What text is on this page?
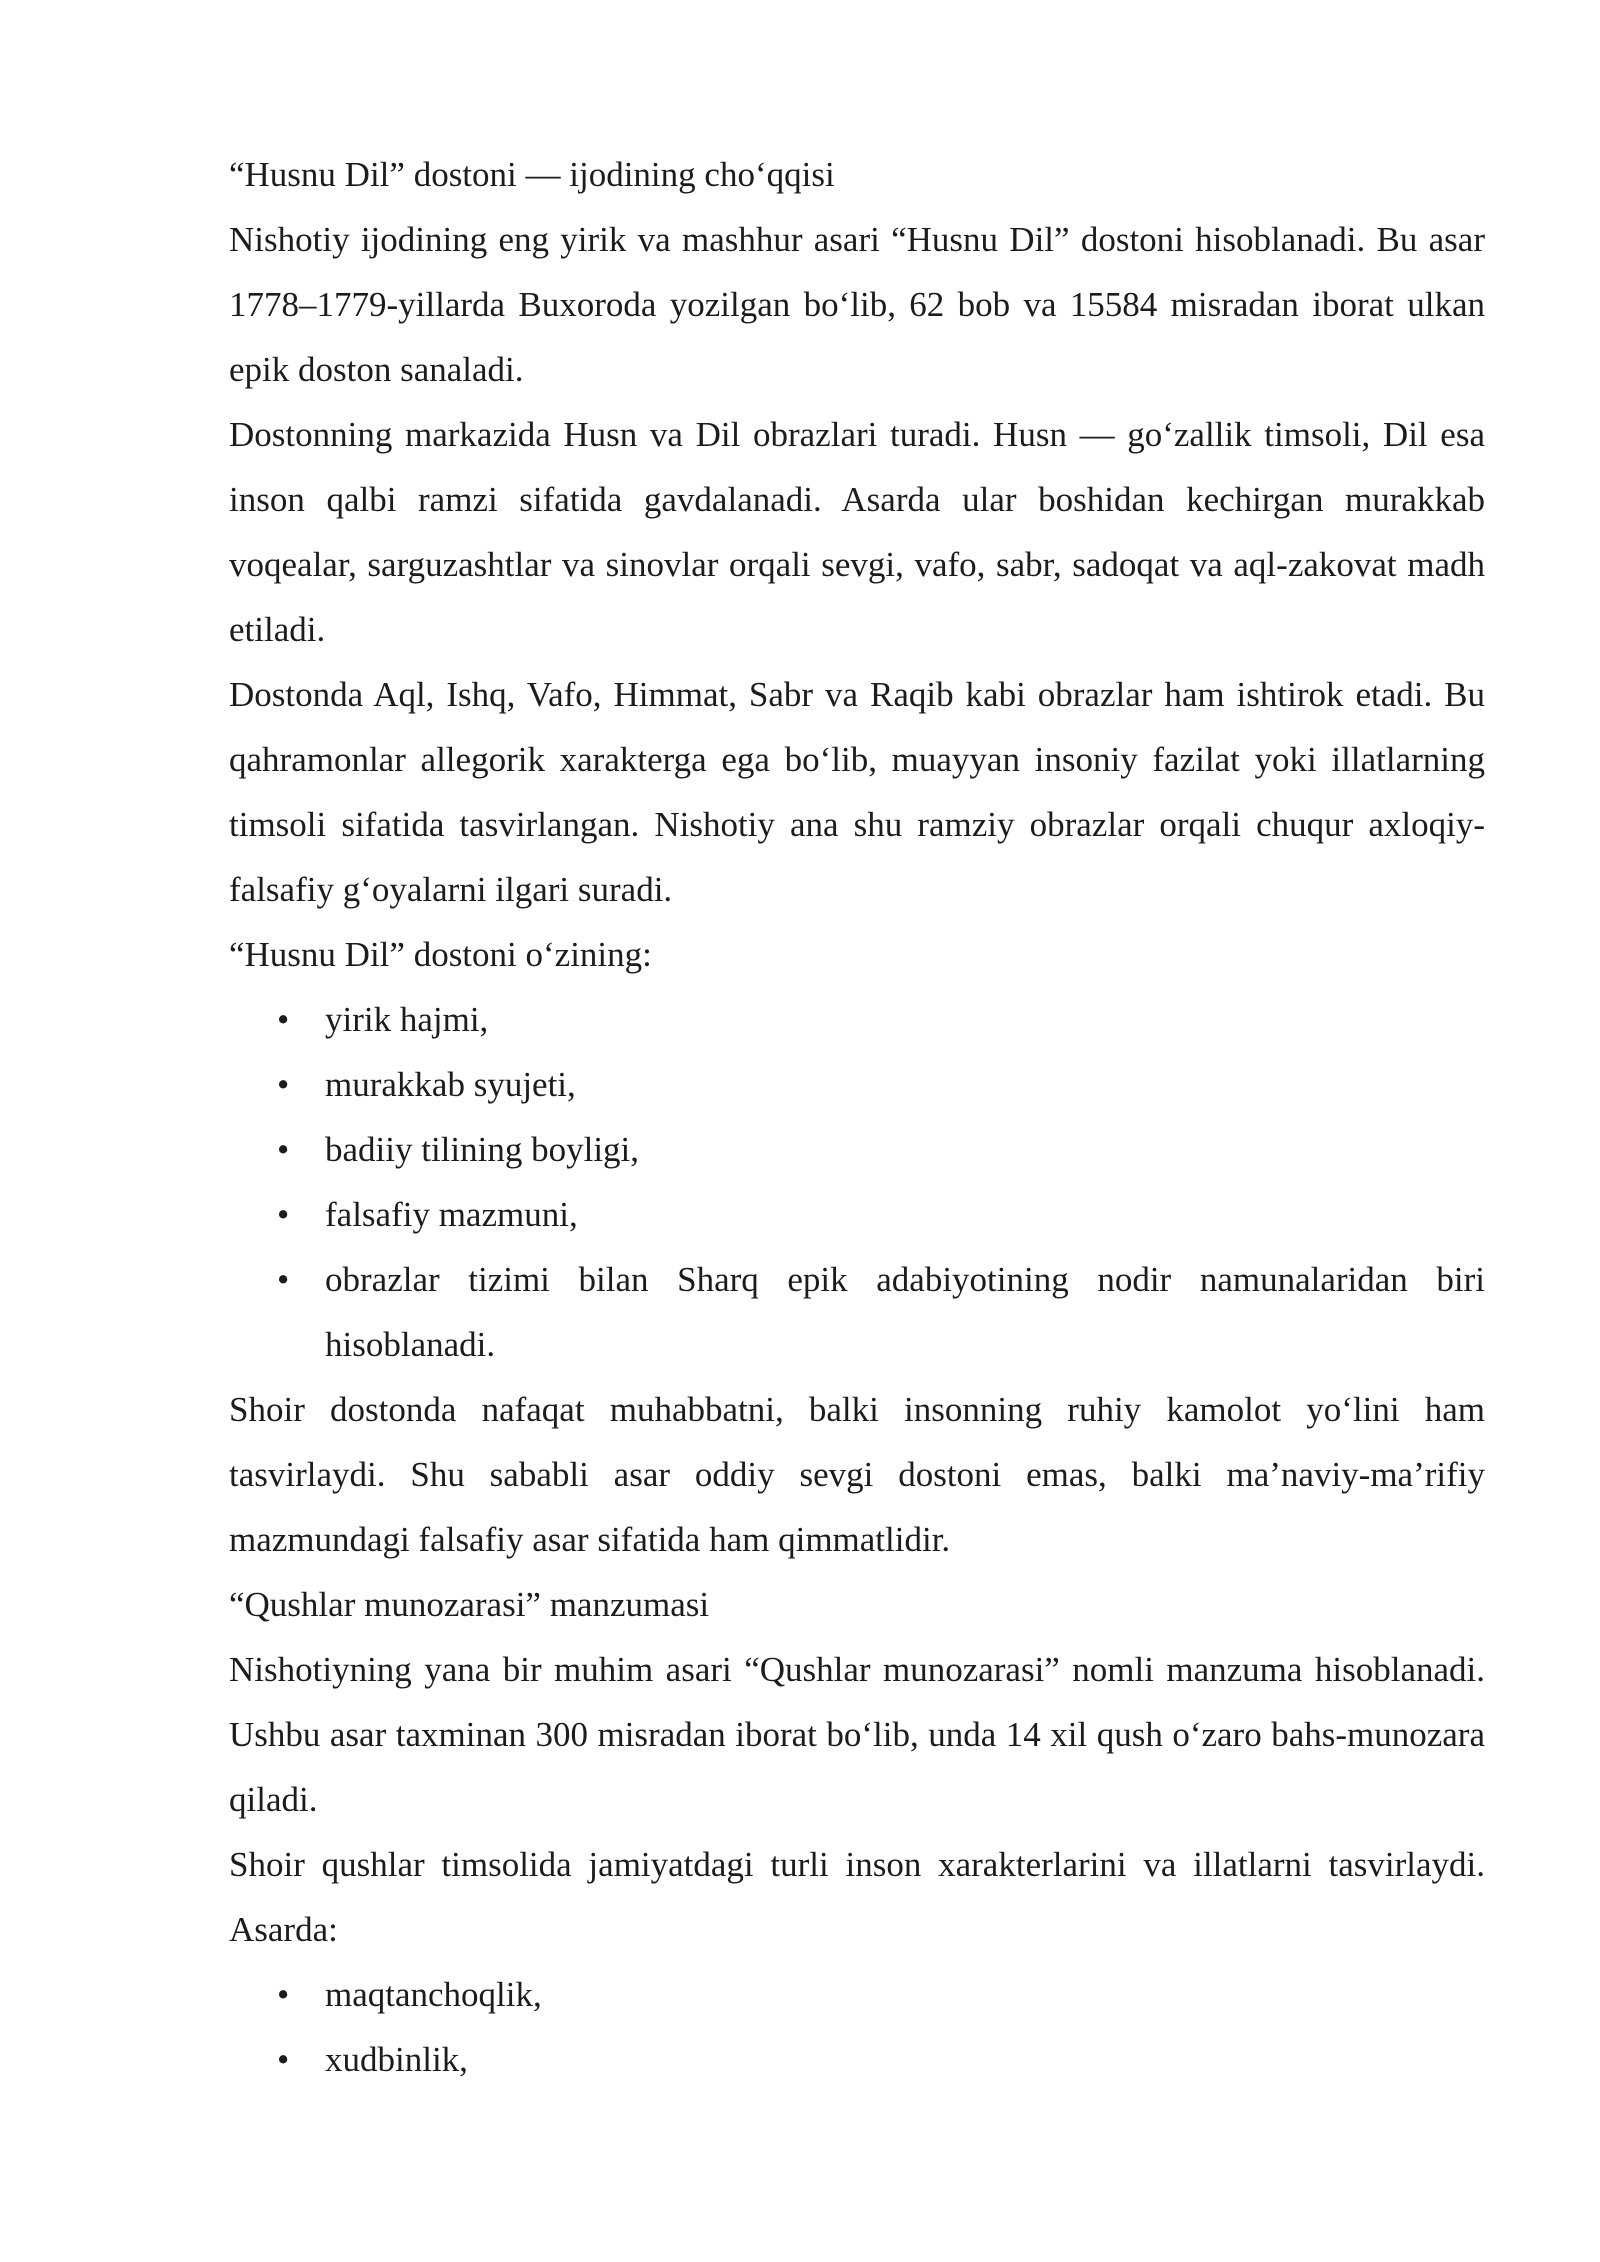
“Husnu Dil” dostoni — ijodining cho‘qqisi

Nishotiy ijodining eng yirik va mashhur asari “Husnu Dil” dostoni hisoblanadi. Bu asar 1778–1779-yillarda Buxoroda yozilgan bo‘lib, 62 bob va 15584 misradan iborat ulkan epik doston sanaladi.

Dostonning markazida Husn va Dil obrazlari turadi. Husn — go‘zallik timsoli, Dil esa inson qalbi ramzi sifatida gavdalanadi. Asarda ular boshidan kechirgan murakkab voqealar, sarguzashtlar va sinovlar orqali sevgi, vafo, sabr, sadoqat va aql-zakovat madh etiladi.

Dostonda Aql, Ishq, Vafo, Himmat, Sabr va Raqib kabi obrazlar ham ishtirok etadi. Bu qahramonlar allegorik xarakterga ega bo‘lib, muayyan insoniy fazilat yoki illatlarning timsoli sifatida tasvirlangan. Nishotiy ana shu ramziy obrazlar orqali chuqur axloqiy-falsafiy g‘oyalarni ilgari suradi.

“Husnu Dil” dostoni o‘zining:

• yirik hajmi,
• murakkab syujeti,
• badiiy tilining boyligi,
• falsafiy mazmuni,
• obrazlar tizimi bilan Sharq epik adabiyotining nodir namunalaridan biri hisoblanadi.

Shoir dostonda nafaqat muhabbatni, balki insonning ruhiy kamolot yo‘lini ham tasvirlaydi. Shu sababli asar oddiy sevgi dostoni emas, balki ma’naviy-ma’rifiy mazmundagi falsafiy asar sifatida ham qimmatlidir.

“Qushlar munozarasi” manzumasi

Nishotiyning yana bir muhim asari “Qushlar munozarasi” nomli manzuma hisoblanadi. Ushbu asar taxminan 300 misradan iborat bo‘lib, unda 14 xil qush o‘zaro bahs-munozara qiladi.

Shoir qushlar timsolida jamiyatdagi turli inson xarakterlarini va illatlarni tasvirlaydi. Asarda:

• maqtanchoqlik,
• xudbinlik,
